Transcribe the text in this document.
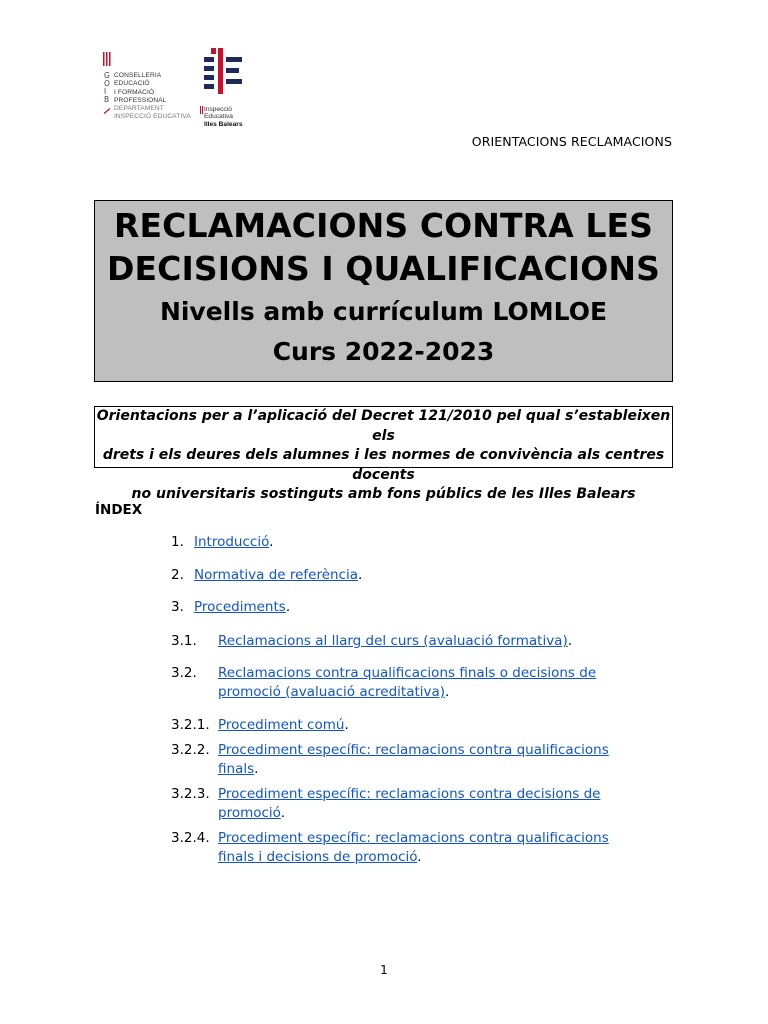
G
O
I
B
CONSELLERIA
EDUCACIÓ
I FORMACIÓ
PROFESSIONAL
DEPARTAMENT
INSPECCIÓ EDUCATIVA
Inspecció
Educativa
Illes Balears
ORIENTACIONS RECLAMACIONS
RECLAMACIONS CONTRA LES
DECISIONS I QUALIFICACIONS
Nivells amb currículum LOMLOE
Curs 2022-2023

Orientacions per a l’aplicació del Decret 121/2010 pel qual s’estableixen els

drets i els deures dels alumnes i les normes de convivència als centres docents

no universitaris sostinguts amb fons públics de les Illes Balears

ÍNDEX
1. Introducció.
2. Normativa de referència.
3. Procediments.
3.1. Reclamacions al llarg del curs (avaluació formativa).
3.2. Reclamacions contra qualificacions finals o decisions de
promoció (avaluació acreditativa).
3.2.1. Procediment comú.
3.2.2. Procediment específic: reclamacions contra qualificacions
finals.
3.2.3. Procediment específic: reclamacions contra decisions de
promoció.
3.2.4. Procediment específic: reclamacions contra qualificacions
finals i decisions de promoció.
1
